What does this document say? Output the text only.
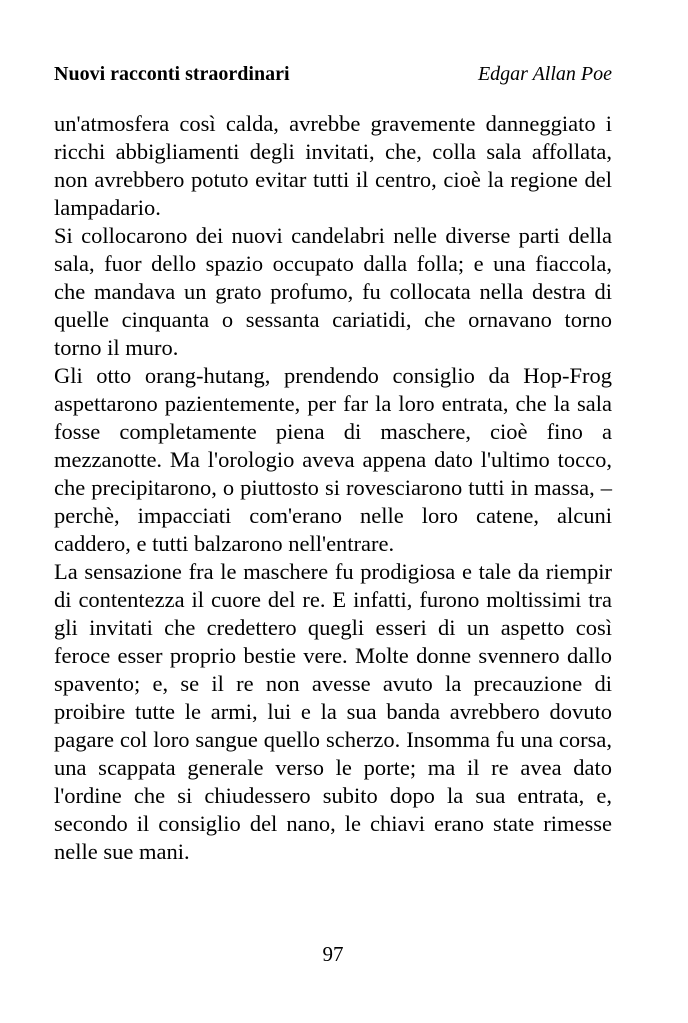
Nuovi racconti straordinari	Edgar Allan Poe

un'atmosfera così calda, avrebbe gravemente danneggiato i ricchi abbigliamenti degli invitati, che, colla sala affollata, non avrebbero potuto evitar tutti il centro, cioè la regione del lampadario.

Si collocarono dei nuovi candelabri nelle diverse parti della sala, fuor dello spazio occupato dalla folla; e una fiaccola, che mandava un grato profumo, fu collocata nella destra di quelle cinquanta o sessanta cariatidi, che ornavano torno torno il muro.

Gli otto orang-hutang, prendendo consiglio da Hop-Frog aspettarono pazientemente, per far la loro entrata, che la sala fosse completamente piena di maschere, cioè fino a mezzanotte. Ma l'orologio aveva appena dato l'ultimo tocco, che precipitarono, o piuttosto si rovesciarono tutti in massa, – perchè, impacciati com'erano nelle loro catene, alcuni caddero, e tutti balzarono nell'entrare.

La sensazione fra le maschere fu prodigiosa e tale da riempir di contentezza il cuore del re. E infatti, furono moltissimi tra gli invitati che credettero quegli esseri di un aspetto così feroce esser proprio bestie vere. Molte donne svennero dallo spavento; e, se il re non avesse avuto la precauzione di proibire tutte le armi, lui e la sua banda avrebbero dovuto pagare col loro sangue quello scherzo. Insomma fu una corsa, una scappata generale verso le porte; ma il re avea dato l'ordine che si chiudessero subito dopo la sua entrata, e, secondo il consiglio del nano, le chiavi erano state rimesse nelle sue mani.

97
